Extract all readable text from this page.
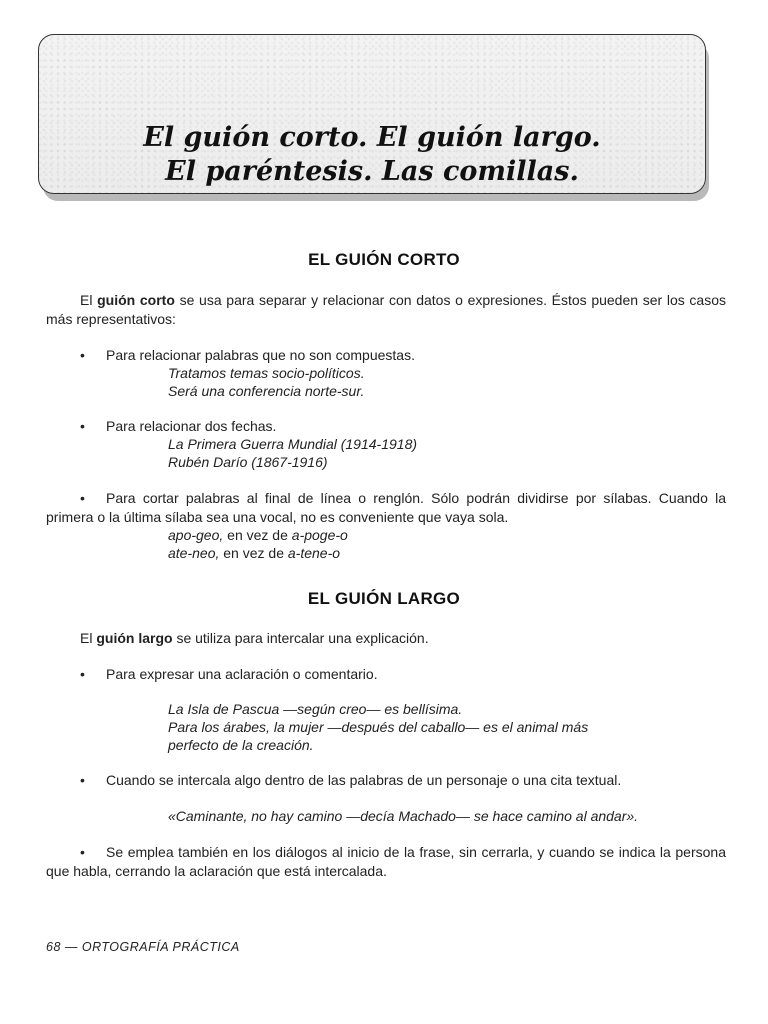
El guión corto. El guión largo.
El paréntesis. Las comillas.
EL GUIÓN CORTO

El guión corto se usa para separar y relacionar con datos o expresiones. Éstos pueden ser los casos más representativos:

• Para relacionar palabras que no son compuestas.

Tratamos temas socio-políticos.
Será una conferencia norte-sur.

• Para relacionar dos fechas.

La Primera Guerra Mundial (1914-1918)
Rubén Darío (1867-1916)

• Para cortar palabras al final de línea o renglón. Sólo podrán dividirse por sílabas. Cuando la primera o la última sílaba sea una vocal, no es conveniente que vaya sola.

apo-geo, en vez de a-poge-o
ate-neo, en vez de a-tene-o
EL GUIÓN LARGO

El guión largo se utiliza para intercalar una explicación.

• Para expresar una aclaración o comentario.

La Isla de Pascua —según creo— es bellísima.
Para los árabes, la mujer —después del caballo— es el animal más
perfecto de la creación.

• Cuando se intercala algo dentro de las palabras de un personaje o una cita textual.

«Caminante, no hay camino —decía Machado— se hace camino al andar».

• Se emplea también en los diálogos al inicio de la frase, sin cerrarla, y cuando se indica la persona que habla, cerrando la aclaración que está intercalada.

68 — ORTOGRAFÍA PRÁCTICA
